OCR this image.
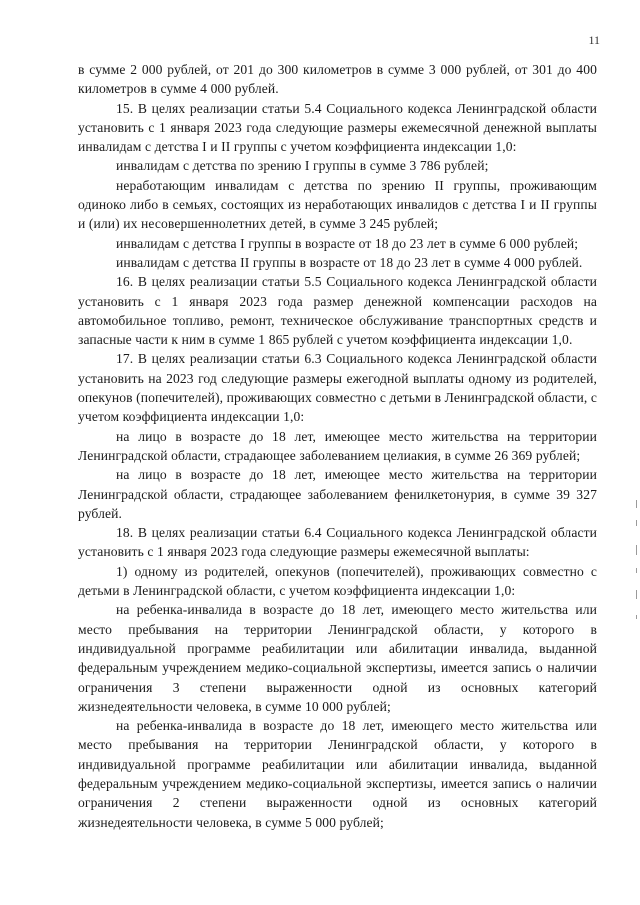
11

в сумме 2 000 рублей, от 201 до 300 километров в сумме 3 000 рублей, от 301 до 400 километров в сумме 4 000 рублей.

15. В целях реализации статьи 5.4 Социального кодекса Ленинградской области установить с 1 января 2023 года следующие размеры ежемесячной денежной выплаты инвалидам с детства I и II группы с учетом коэффициента индексации 1,0:

инвалидам с детства по зрению I группы в сумме 3 786 рублей;

неработающим инвалидам с детства по зрению II группы, проживающим одиноко либо в семьях, состоящих из неработающих инвалидов с детства I и II группы и (или) их несовершеннолетних детей, в сумме 3 245 рублей;

инвалидам с детства I группы в возрасте от 18 до 23 лет в сумме 6 000 рублей;

инвалидам с детства II группы в возрасте от 18 до 23 лет в сумме 4 000 рублей.

16. В целях реализации статьи 5.5 Социального кодекса Ленинградской области установить с 1 января 2023 года размер денежной компенсации расходов на автомобильное топливо, ремонт, техническое обслуживание транспортных средств и запасные части к ним в сумме 1 865 рублей с учетом коэффициента индексации 1,0.

17. В целях реализации статьи 6.3 Социального кодекса Ленинградской области установить на 2023 год следующие размеры ежегодной выплаты одному из родителей, опекунов (попечителей), проживающих совместно с детьми в Ленинградской области, с учетом коэффициента индексации 1,0:

на лицо в возрасте до 18 лет, имеющее место жительства на территории Ленинградской области, страдающее заболеванием целиакия, в сумме 26 369 рублей;

на лицо в возрасте до 18 лет, имеющее место жительства на территории Ленинградской области, страдающее заболеванием фенилкетонурия, в сумме 39 327 рублей.

18. В целях реализации статьи 6.4 Социального кодекса Ленинградской области установить с 1 января 2023 года следующие размеры ежемесячной выплаты:

1) одному из родителей, опекунов (попечителей), проживающих совместно с детьми в Ленинградской области, с учетом коэффициента индексации 1,0:

на ребенка-инвалида в возрасте до 18 лет, имеющего место жительства или место пребывания на территории Ленинградской области, у которого в индивидуальной программе реабилитации или абилитации инвалида, выданной федеральным учреждением медико-социальной экспертизы, имеется запись о наличии ограничения 3 степени выраженности одной из основных категорий жизнедеятельности человека, в сумме 10 000 рублей;

на ребенка-инвалида в возрасте до 18 лет, имеющего место жительства или место пребывания на территории Ленинградской области, у которого в индивидуальной программе реабилитации или абилитации инвалида, выданной федеральным учреждением медико-социальной экспертизы, имеется запись о наличии ограничения 2 степени выраженности одной из основных категорий жизнедеятельности человека, в сумме 5 000 рублей;
